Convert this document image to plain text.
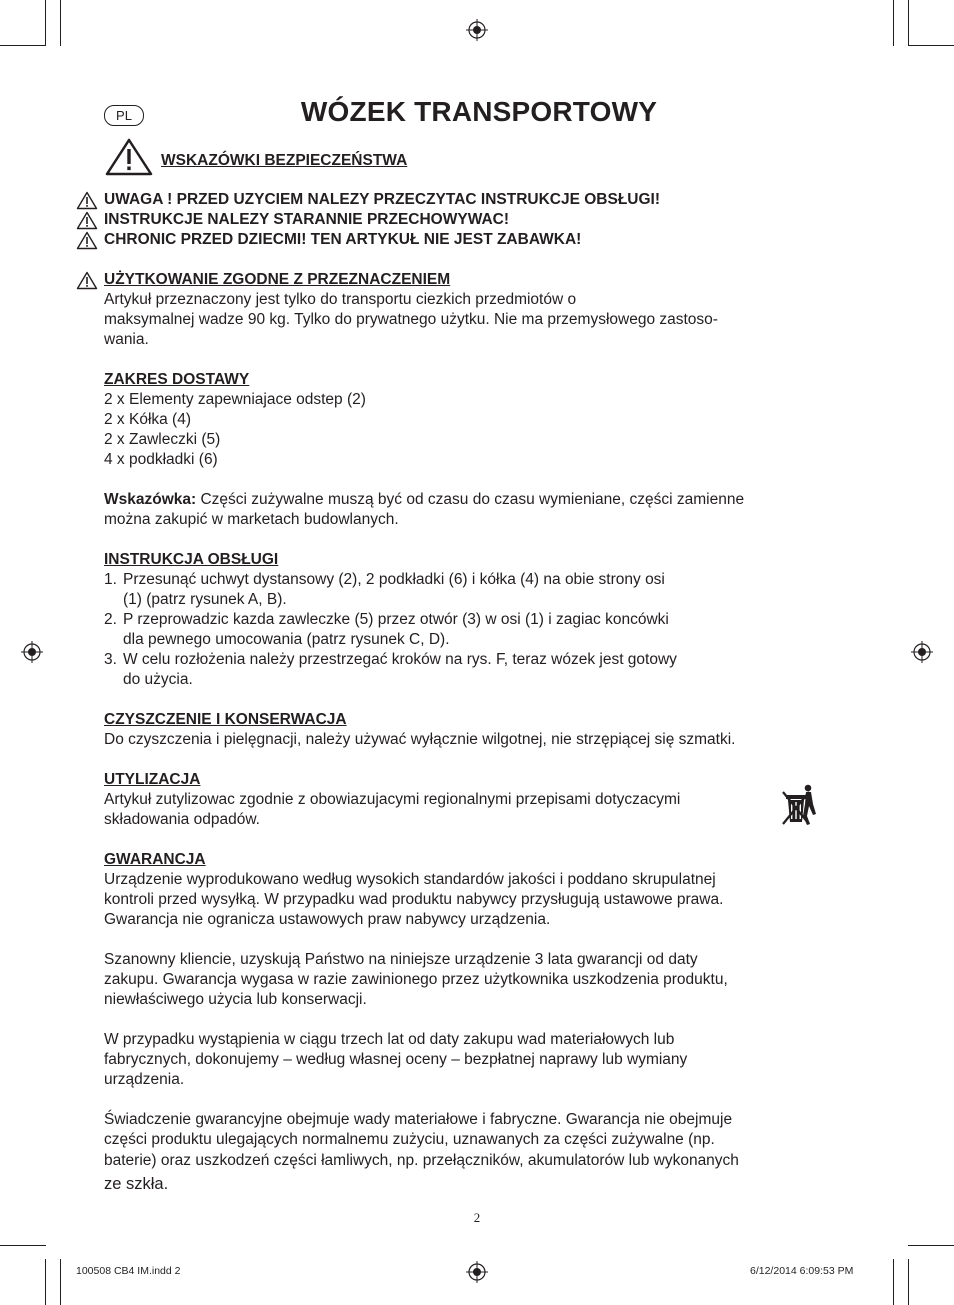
PL	WÓZEK TRANSPORTOWY
WSKAZÓWKI BEZPIECZEŃSTWA
UWAGA ! PRZED UZYCIEM NALEZY PRZECZYTAC INSTRUKCJE OBSŁUGI!
INSTRUKCJE NALEZY STARANNIE PRZECHOWYWAC!
CHRONIC PRZED DZIECMI! TEN ARTYKUŁ NIE JEST ZABAWKA!

UŻYTKOWANIE ZGODNE Z PRZEZNACZENIEM

Artykuł przeznaczony jest tylko do transportu ciezkich przedmiotów o

maksymalnej wadze 90 kg. Tylko do prywatnego użytku. Nie ma przemysłowego zastoso-

wania.

ZAKRES DOSTAWY

2 x Elementy zapewniajace odstep (2)

2 x Kółka (4)

2 x Zawleczki (5)

4 x podkładki (6)

Wskazówka: Części zużywalne muszą być od czasu do czasu wymieniane, części zamienne

można zakupić w marketach budowlanych.

INSTRUKCJA OBSŁUGI

1. Przesunąć uchwyt dystansowy (2), 2 podkładki (6) i kółka (4) na obie strony osi

(1) (patrz rysunek A, B).

2. P rzeprowadzic kazda zawleczke (5) przez otwór (3) w osi (1) i zagiac koncówki

dla pewnego umocowania (patrz rysunek C, D).

3. W celu rozłożenia należy przestrzegać kroków na rys. F, teraz wózek jest gotowy

do użycia.

CZYSZCZENIE I KONSERWACJA

Do czyszczenia i pielęgnacji, należy używać wyłącznie wilgotnej, nie strzępiącej się szmatki.

UTYLIZACJA

Artykuł zutylizowac zgodnie z obowiazujacymi regionalnymi przepisami dotyczacymi

składowania odpadów.

GWARANCJA

Urządzenie wyprodukowano według wysokich standardów jakości i poddano skrupulatnej

kontroli przed wysyłką. W przypadku wad produktu nabywcy przysługują ustawowe prawa.

Gwarancja nie ogranicza ustawowych praw nabywcy urządzenia.

Szanowny kliencie, uzyskują Państwo na niniejsze urządzenie 3 lata gwarancji od daty

zakupu. Gwarancja wygasa w razie zawinionego przez użytkownika uszkodzenia produktu,

niewłaściwego użycia lub konserwacji.

W przypadku wystąpienia w ciągu trzech lat od daty zakupu wad materiałowych lub

fabrycznych, dokonujemy – według własnej oceny – bezpłatnej naprawy lub wymiany

urządzenia.

Świadczenie gwarancyjne obejmuje wady materiałowe i fabryczne. Gwarancja nie obejmuje

części produktu ulegających normalnemu zużyciu, uznawanych za części zużywalne (np.

baterie) oraz uszkodzeń części łamliwych, np. przełączników, akumulatorów lub wykonanych

ze szkła.

2
100508 CB4 IM.indd 2	6/12/2014 6:09:53 PM
